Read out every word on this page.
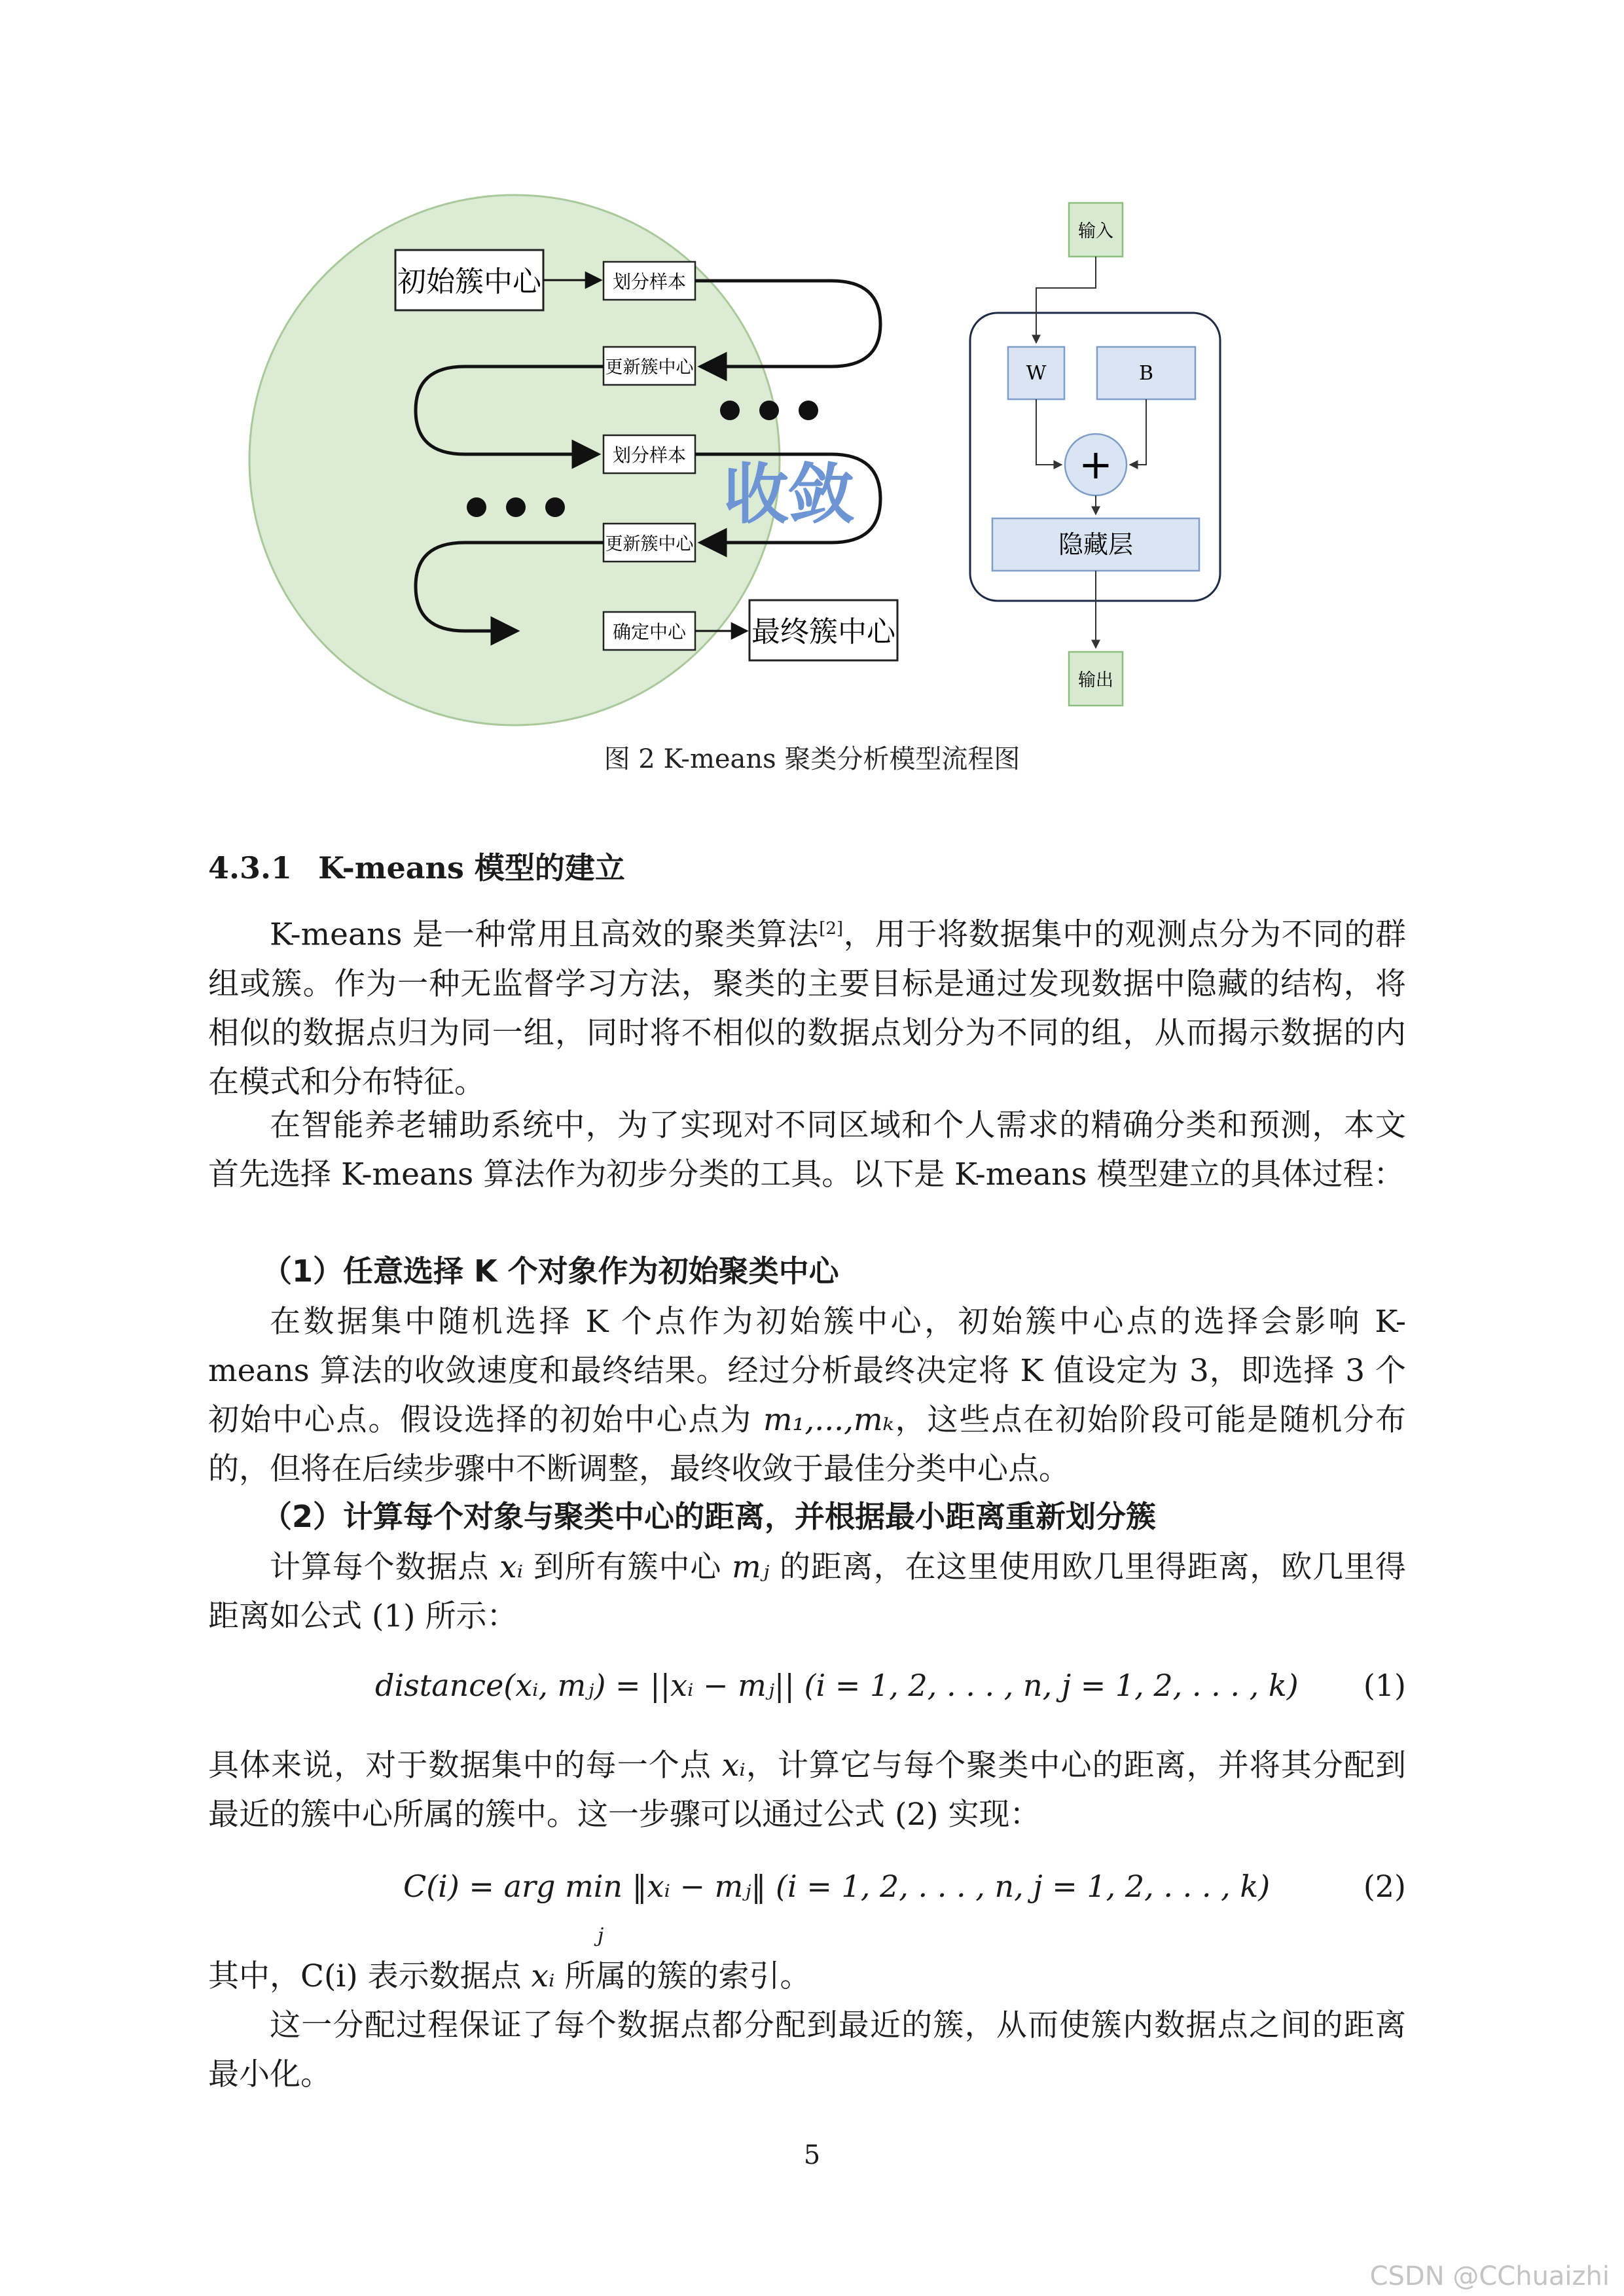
收敛
初始簇中心	划分样本
更新簇中心
划分样本
更新簇中心
确定中心 最终簇中心
输入
W	B
+
隐藏层
输出
图 2 K-means 聚类分析模型流程图
4.3.1 K-means 模型的建立
K-means 是一种常用且高效的聚类算法[2]，用于将数据集中的观测点分为不同的群组或簇。作为一种无监督学习方法，聚类的主要目标是通过发现数据中隐藏的结构，将相似的数据点归为同一组，同时将不相似的数据点划分为不同的组，从而揭示数据的内在模式和分布特征。
在智能养老辅助系统中，为了实现对不同区域和个人需求的精确分类和预测，本文首先选择 K-means 算法作为初步分类的工具。以下是 K-means 模型建立的具体过程：
（1）任意选择 K 个对象作为初始聚类中心
在数据集中随机选择 K 个点作为初始簇中心，初始簇中心点的选择会影响 K-means 算法的收敛速度和最终结果。经过分析最终决定将 K 值设定为 3，即选择 3 个初始中心点。假设选择的初始中心点为 m₁,...,mₖ，这些点在初始阶段可能是随机分布的，但将在后续步骤中不断调整，最终收敛于最佳分类中心点。
（2）计算每个对象与聚类中心的距离，并根据最小距离重新划分簇
计算每个数据点 xᵢ 到所有簇中心 mⱼ 的距离，在这里使用欧几里得距离，欧几里得距离如公式 (1) 所示：
distance(xᵢ, mⱼ) = ||xᵢ − mⱼ|| (i = 1, 2, . . . , n, j = 1, 2, . . . , k) (1)
具体来说，对于数据集中的每一个点 xᵢ，计算它与每个聚类中心的距离，并将其分配到最近的簇中心所属的簇中。这一步骤可以通过公式 (2) 实现：
C(i) = arg min
j
‖xᵢ − mⱼ‖ (i = 1, 2, . . . , n, j = 1, 2, . . . , k)	(2)
其中，C(i) 表示数据点 xᵢ 所属的簇的索引。
这一分配过程保证了每个数据点都分配到最近的簇，从而使簇内数据点之间的距离最小化。
5
CSDN @CChuaizhi
